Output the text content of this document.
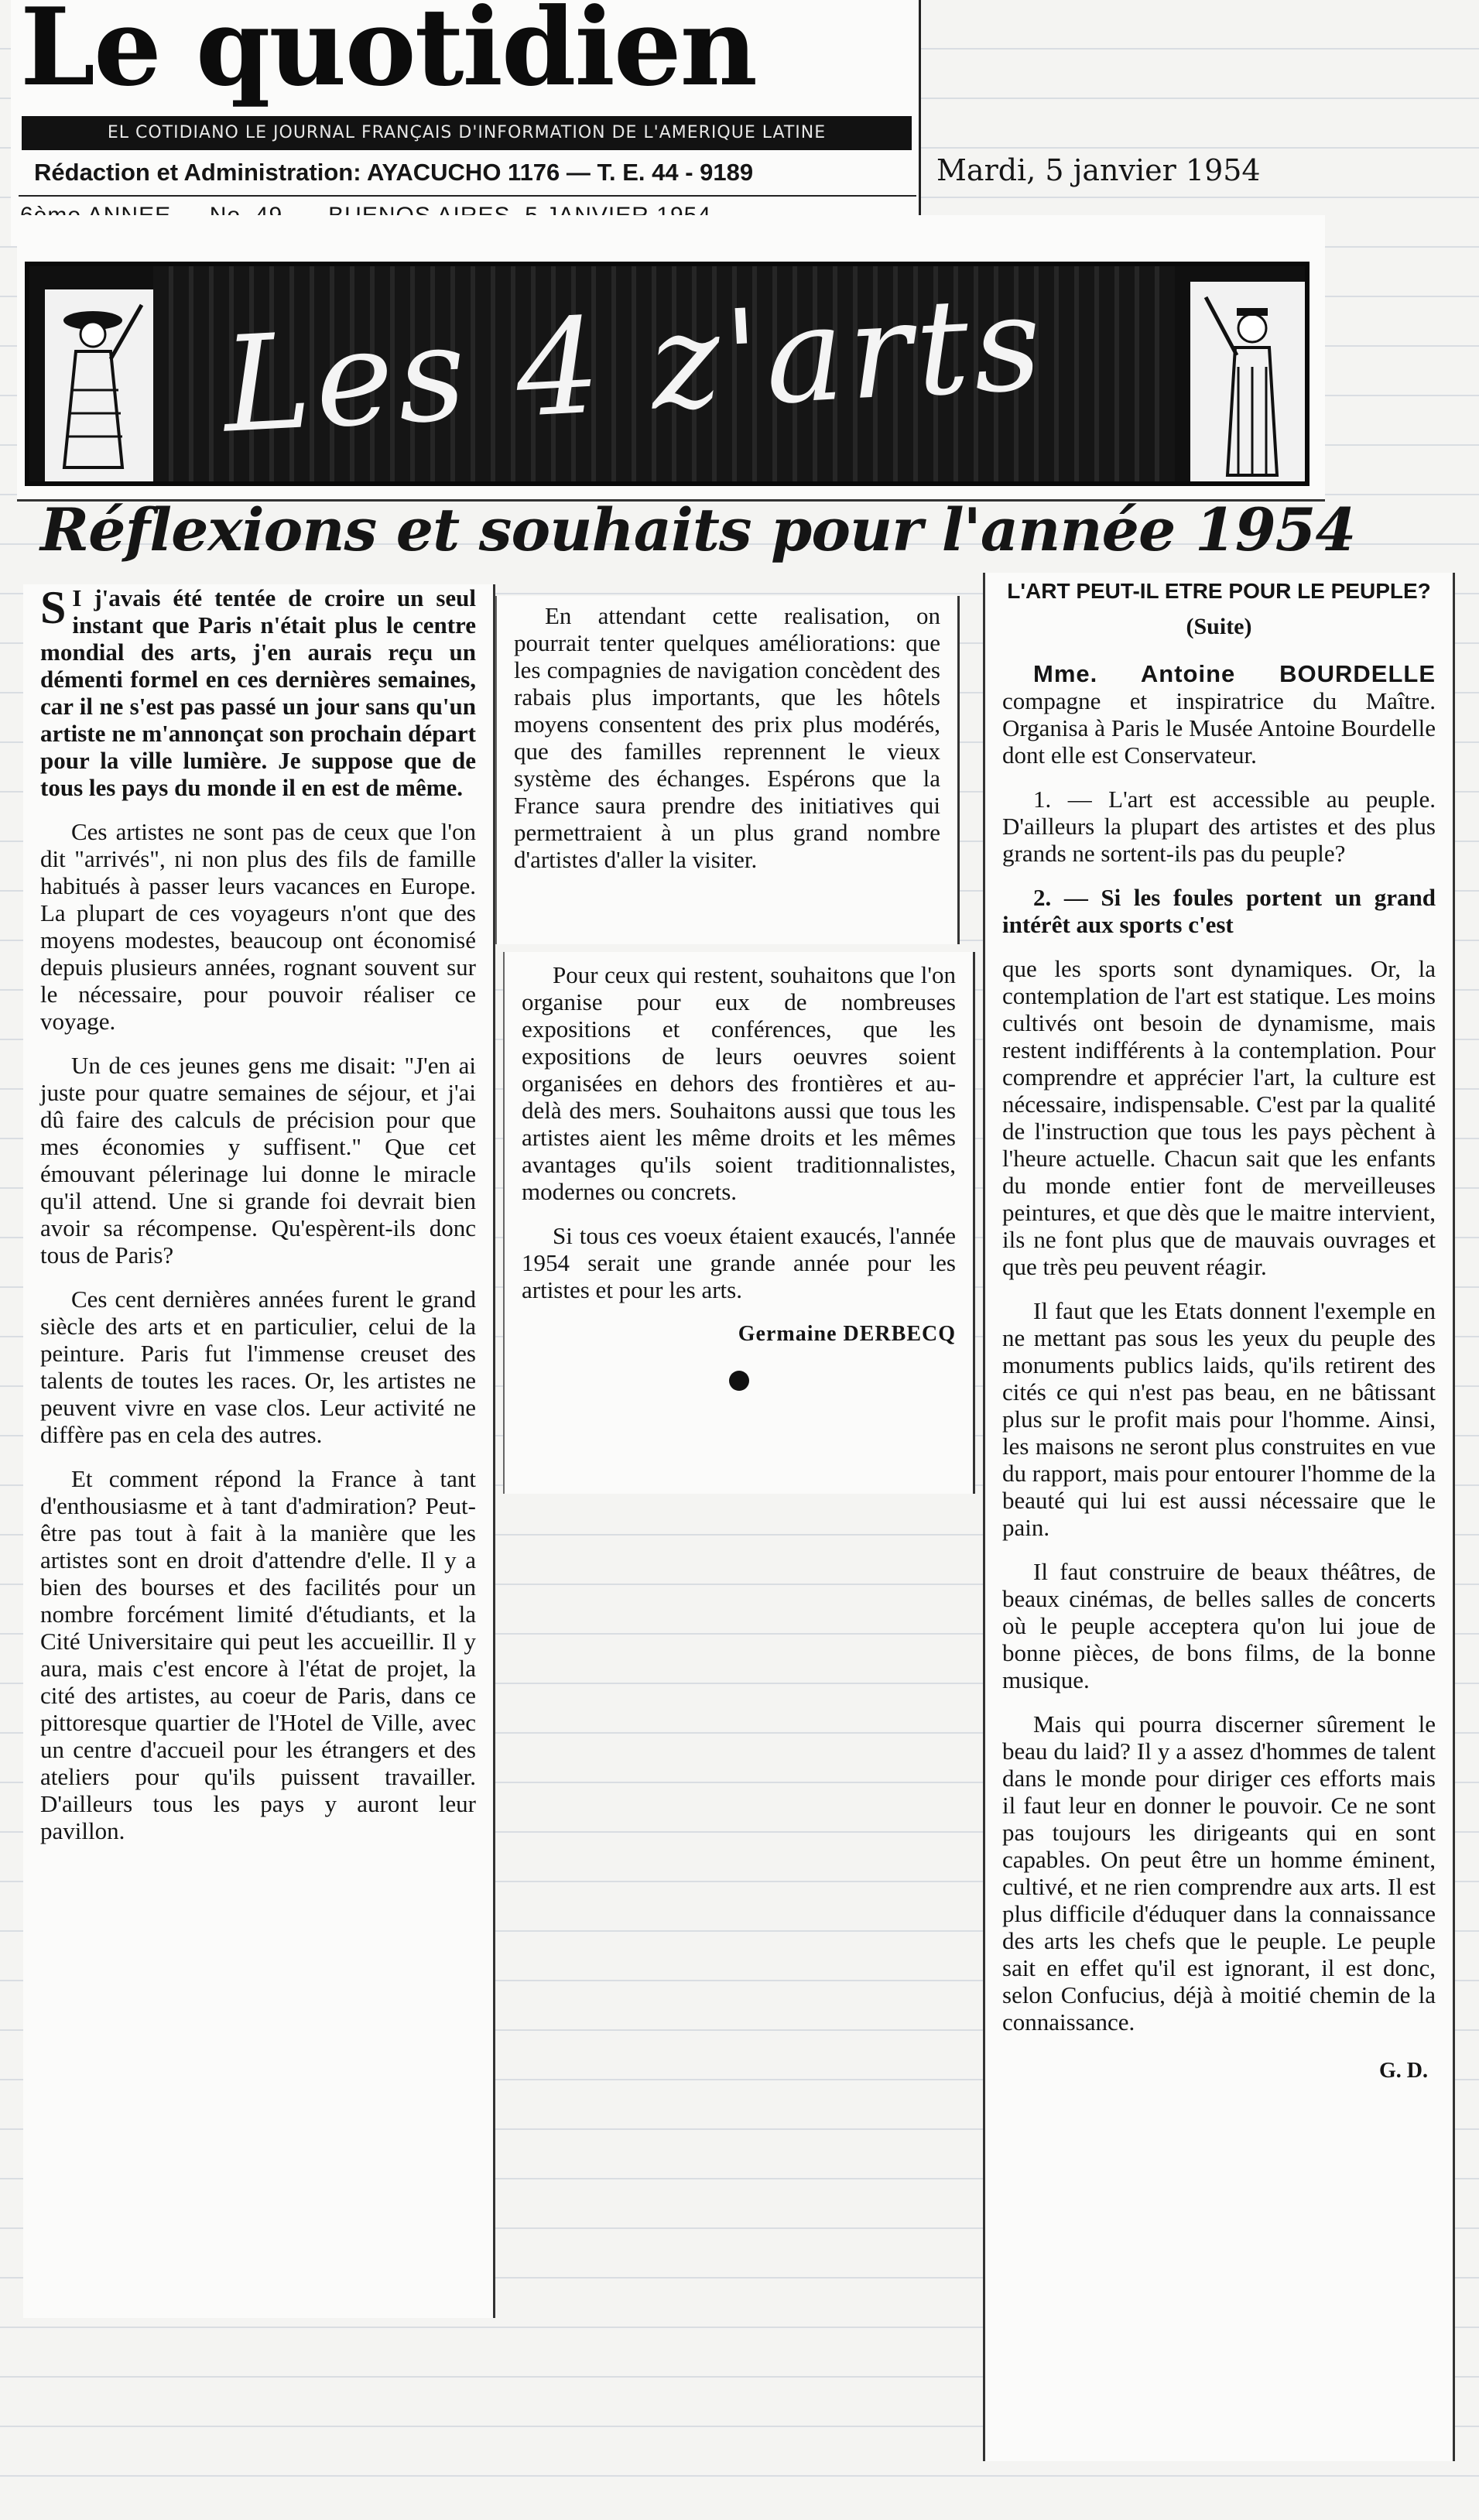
Le quotidien
EL COTIDIANO LE JOURNAL FRANÇAIS D'INFORMATION DE L'AMERIQUE LATINE
Rédaction et Administration: AYACUCHO 1176 — T. E. 44 - 9189	Mardi, 5 janvier 1954
Les 4 z'arts
Réflexions et souhaits pour l'année 1954

S I j'avais été tentée de croire un seul instant que Paris n'était plus le centre mondial des arts, j'en aurais reçu un démenti formel en ces dernières semaines, car il ne s'est pas passé un jour sans qu'un artiste ne m'annonçat son prochain départ pour la ville lumière. Je suppose que de tous les pays du monde il en est de même.

Ces artistes ne sont pas de ceux que l'on dit "arrivés", ni non plus des fils de famille habitués à passer leurs vacances en Europe. La plupart de ces voyageurs n'ont que des moyens modestes, beaucoup ont économisé depuis plusieurs années, rognant souvent sur le nécessaire, pour pouvoir réaliser ce voyage.

Un de ces jeunes gens me disait: "J'en ai juste pour quatre semaines de séjour, et j'ai dû faire des calculs de précision pour que mes économies y suffisent." Que cet émouvant pélerinage lui donne le miracle qu'il attend. Une si grande foi devrait bien avoir sa récompense. Qu'espèrent-ils donc tous de Paris?

Ces cent dernières années furent le grand siècle des arts et en particulier, celui de la peinture. Paris fut l'immense creuset des talents de toutes les races. Or, les artistes ne peuvent vivre en vase clos. Leur activité ne diffère pas en cela des autres.

Et comment répond la France à tant d'enthousiasme et à tant d'admiration? Peut-être pas tout à fait à la manière que les artistes sont en droit d'attendre d'elle. Il y a bien des bourses et des facilités pour un nombre forcément limité d'étudiants, et la Cité Universitaire qui peut les accueillir. Il y aura, mais c'est encore à l'état de projet, la cité des artistes, au coeur de Paris, dans ce pittoresque quartier de l'Hotel de Ville, avec un centre d'accueil pour les étrangers et des ateliers pour qu'ils puissent travailler. D'ailleurs tous les pays y auront leur pavillon.

En attendant cette realisation, on pourrait tenter quelques améliorations: que les compagnies de navigation concèdent des rabais plus importants, que les hôtels moyens consentent des prix plus modérés, que des familles reprennent le vieux système des échanges. Espérons que la France saura prendre des initiatives qui permettraient à un plus grand nombre d'artistes d'aller la visiter.

Pour ceux qui restent, souhaitons que l'on organise pour eux de nombreuses expositions et conférences, que les expositions de leurs oeuvres soient organisées en dehors des frontières et au-delà des mers. Souhaitons aussi que tous les artistes aient les même droits et les mêmes avantages qu'ils soient traditionnalistes, modernes ou concrets.

Si tous ces voeux étaient exaucés, l'année 1954 serait une grande année pour les artistes et pour les arts.

Germaine DERBECQ

L'ART PEUT-IL ETRE POUR LE PEUPLE?

(Suite)

Mme. Antoine BOURDELLE compagne et inspiratrice du Maître. Organisa à Paris le Musée Antoine Bourdelle dont elle est Conservateur.

1. — L'art est accessible au peuple. D'ailleurs la plupart des artistes et des plus grands ne sortent-ils pas du peuple?

2. — Si les foules portent un grand intérêt aux sports c'est

que les sports sont dynamiques. Or, la contemplation de l'art est statique. Les moins cultivés ont besoin de dynamisme, mais restent indifférents à la contemplation. Pour comprendre et apprécier l'art, la culture est nécessaire, indispensable. C'est par la qualité de l'instruction que tous les pays pèchent à l'heure actuelle. Chacun sait que les enfants du monde entier font de merveilleuses peintures, et que dès que le maitre intervient, ils ne font plus que de mauvais ouvrages et que très peu peuvent réagir.

Il faut que les Etats donnent l'exemple en ne mettant pas sous les yeux du peuple des monuments publics laids, qu'ils retirent des cités ce qui n'est pas beau, en ne bâtissant plus sur le profit mais pour l'homme. Ainsi, les maisons ne seront plus construites en vue du rapport, mais pour entourer l'homme de la beauté qui lui est aussi nécessaire que le pain.

Il faut construire de beaux théâtres, de beaux cinémas, de belles salles de concerts où le peuple acceptera qu'on lui joue de bonne pièces, de bons films, de la bonne musique.

Mais qui pourra discerner sûrement le beau du laid? Il y a assez d'hommes de talent dans le monde pour diriger ces efforts mais il faut leur en donner le pouvoir. Ce ne sont pas toujours les dirigeants qui en sont capables. On peut être un homme éminent, cultivé, et ne rien comprendre aux arts. Il est plus difficile d'éduquer dans la connaissance des arts les chefs que le peuple. Le peuple sait en effet qu'il est ignorant, il est donc, selon Confucius, déjà à moitié chemin de la connaissance.

G. D.
